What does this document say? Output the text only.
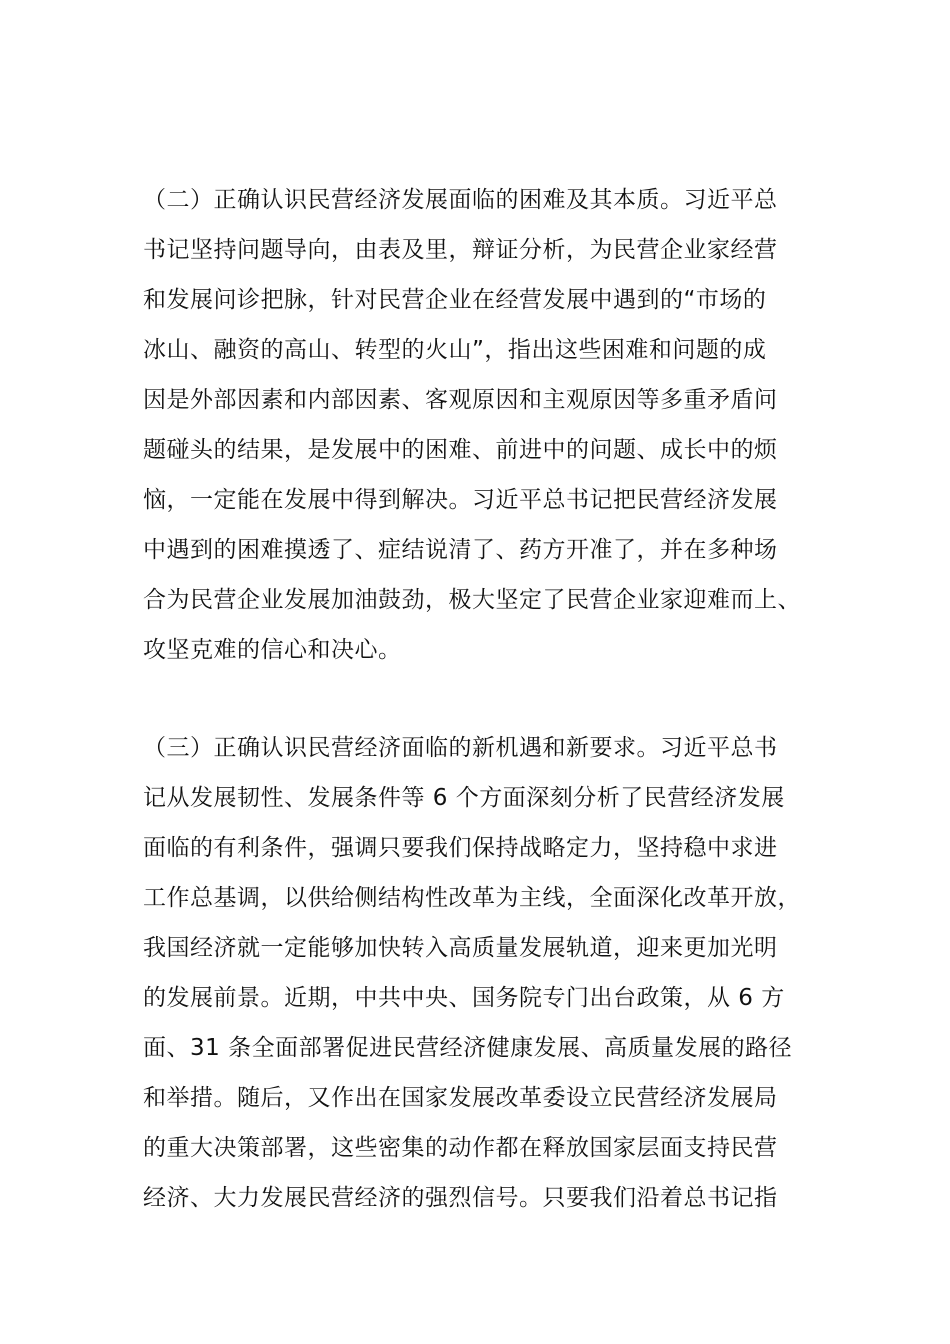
（二）正确认识民营经济发展面临的困难及其本质。习近平总
书记坚持问题导向，由表及里，辩证分析，为民营企业家经营
和发展问诊把脉，针对民营企业在经营发展中遇到的“市场的
冰山、融资的高山、转型的火山”，指出这些困难和问题的成
因是外部因素和内部因素、客观原因和主观原因等多重矛盾问
题碰头的结果，是发展中的困难、前进中的问题、成长中的烦
恼，一定能在发展中得到解决。习近平总书记把民营经济发展
中遇到的困难摸透了、症结说清了、药方开准了，并在多种场
合为民营企业发展加油鼓劲，极大坚定了民营企业家迎难而上、
攻坚克难的信心和决心。
（三）正确认识民营经济面临的新机遇和新要求。习近平总书
记从发展韧性、发展条件等 6 个方面深刻分析了民营经济发展
面临的有利条件，强调只要我们保持战略定力，坚持稳中求进
工作总基调，以供给侧结构性改革为主线，全面深化改革开放，
我国经济就一定能够加快转入高质量发展轨道，迎来更加光明
的发展前景。近期，中共中央、国务院专门出台政策，从 6 方
面、31 条全面部署促进民营经济健康发展、高质量发展的路径
和举措。随后，又作出在国家发展改革委设立民营经济发展局
的重大决策部署，这些密集的动作都在释放国家层面支持民营
经济、大力发展民营经济的强烈信号。只要我们沿着总书记指
